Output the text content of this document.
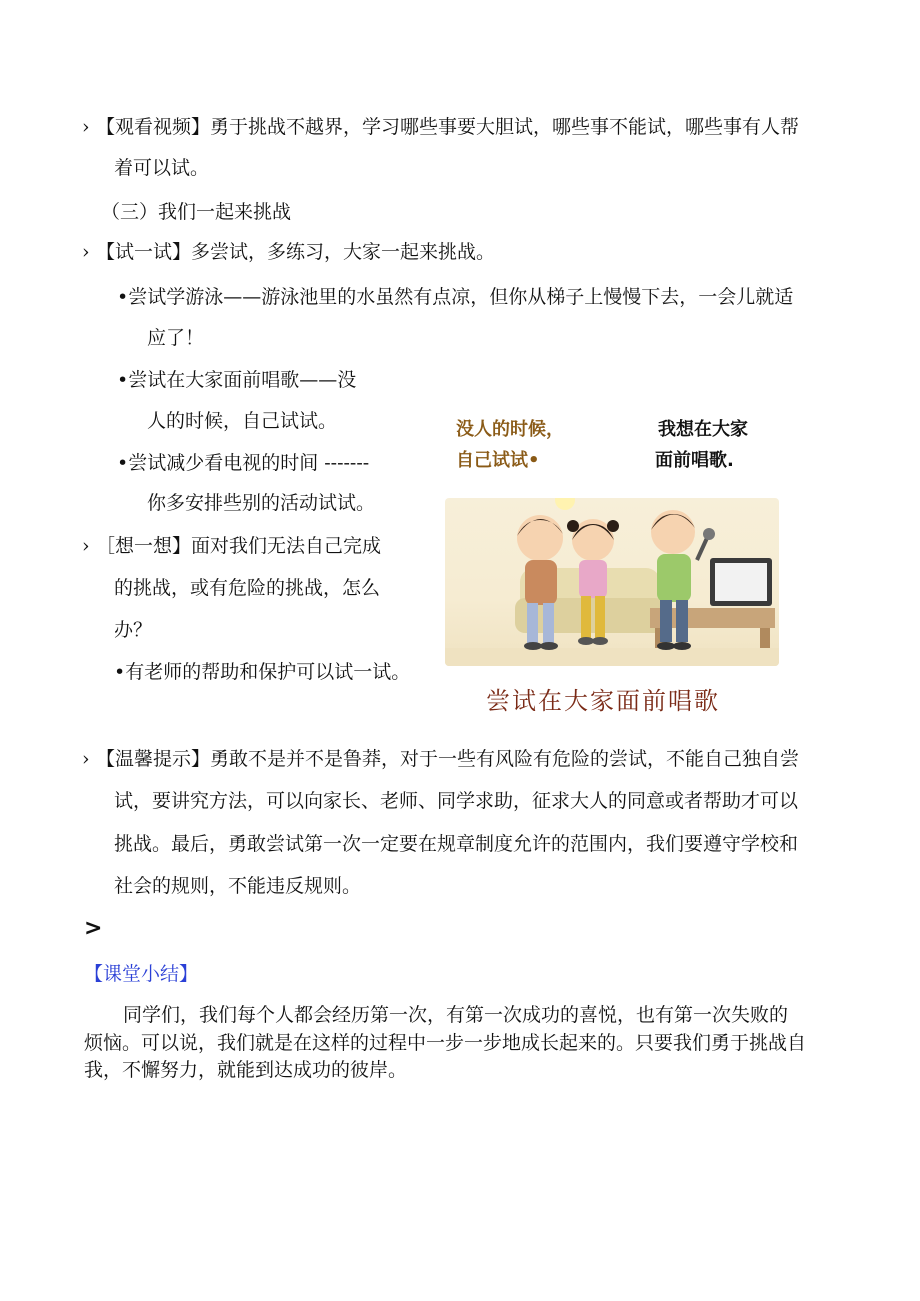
› 【观看视频】勇于挑战不越界，学习哪些事要大胆试，哪些事不能试，哪些事有人帮
着可以试。
（三）我们一起来挑战
› 【试一试】多尝试，多练习，大家一起来挑战。
•尝试学游泳——游泳池里的水虽然有点凉，但你从梯子上慢慢下去，一会儿就适
应了！
•尝试在大家面前唱歌——没
人的时候，自己试试。
•尝试减少看电视的时间 -------
你多安排些别的活动试试。
› ［想一想】面对我们无法自己完成
的挑战，或有危险的挑战，怎么
办？
•有老师的帮助和保护可以试一试。
没人的时候，
自己试试•
我想在大家
面前唱歌.
尝试在大家面前唱歌
› 【温馨提示】勇敢不是并不是鲁莽，对于一些有风险有危险的尝试，不能自己独自尝
试，要讲究方法，可以向家长、老师、同学求助，征求大人的同意或者帮助才可以
挑战。最后，勇敢尝试第一次一定要在规章制度允许的范围内，我们要遵守学校和
社会的规则，不能违反规则。
>
【课堂小结】
同学们，我们每个人都会经历第一次，有第一次成功的喜悦，也有第一次失败的
烦恼。可以说，我们就是在这样的过程中一步一步地成长起来的。只要我们勇于挑战自
我，不懈努力，就能到达成功的彼岸。
